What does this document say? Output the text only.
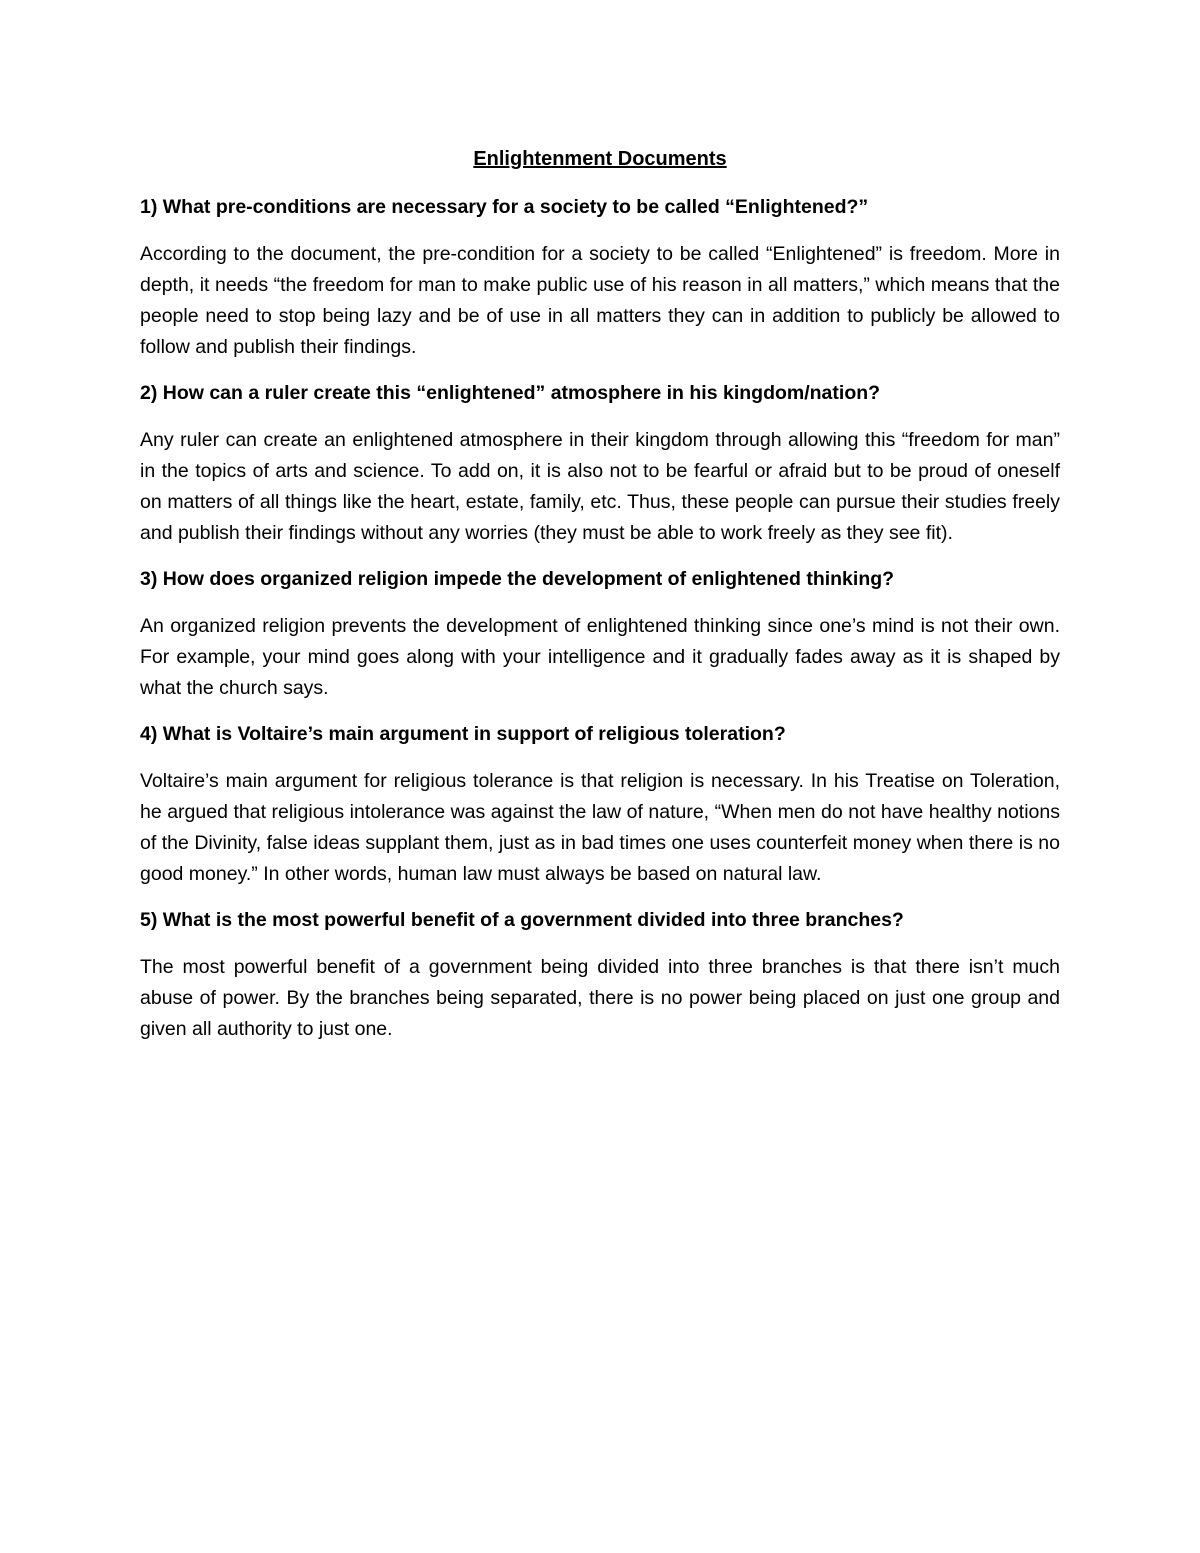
Enlightenment Documents

1) What pre-conditions are necessary for a society to be called “Enlightened?”

According to the document, the pre-condition for a society to be called “Enlightened” is freedom. More in depth, it needs “the freedom for man to make public use of his reason in all matters,” which means that the people need to stop being lazy and be of use in all matters they can in addition to publicly be allowed to follow and publish their findings.

2) How can a ruler create this “enlightened” atmosphere in his kingdom/nation?

Any ruler can create an enlightened atmosphere in their kingdom through allowing this “freedom for man” in the topics of arts and science. To add on, it is also not to be fearful or afraid but to be proud of oneself on matters of all things like the heart, estate, family, etc. Thus, these people can pursue their studies freely and publish their findings without any worries (they must be able to work freely as they see fit).

3) How does organized religion impede the development of enlightened thinking?

An organized religion prevents the development of enlightened thinking since one’s mind is not their own. For example, your mind goes along with your intelligence and it gradually fades away as it is shaped by what the church says.

4) What is Voltaire’s main argument in support of religious toleration?

Voltaire’s main argument for religious tolerance is that religion is necessary. In his Treatise on Toleration, he argued that religious intolerance was against the law of nature, “When men do not have healthy notions of the Divinity, false ideas supplant them, just as in bad times one uses counterfeit money when there is no good money.” In other words, human law must always be based on natural law.

5) What is the most powerful benefit of a government divided into three branches?

The most powerful benefit of a government being divided into three branches is that there isn’t much abuse of power. By the branches being separated, there is no power being placed on just one group and given all authority to just one.
